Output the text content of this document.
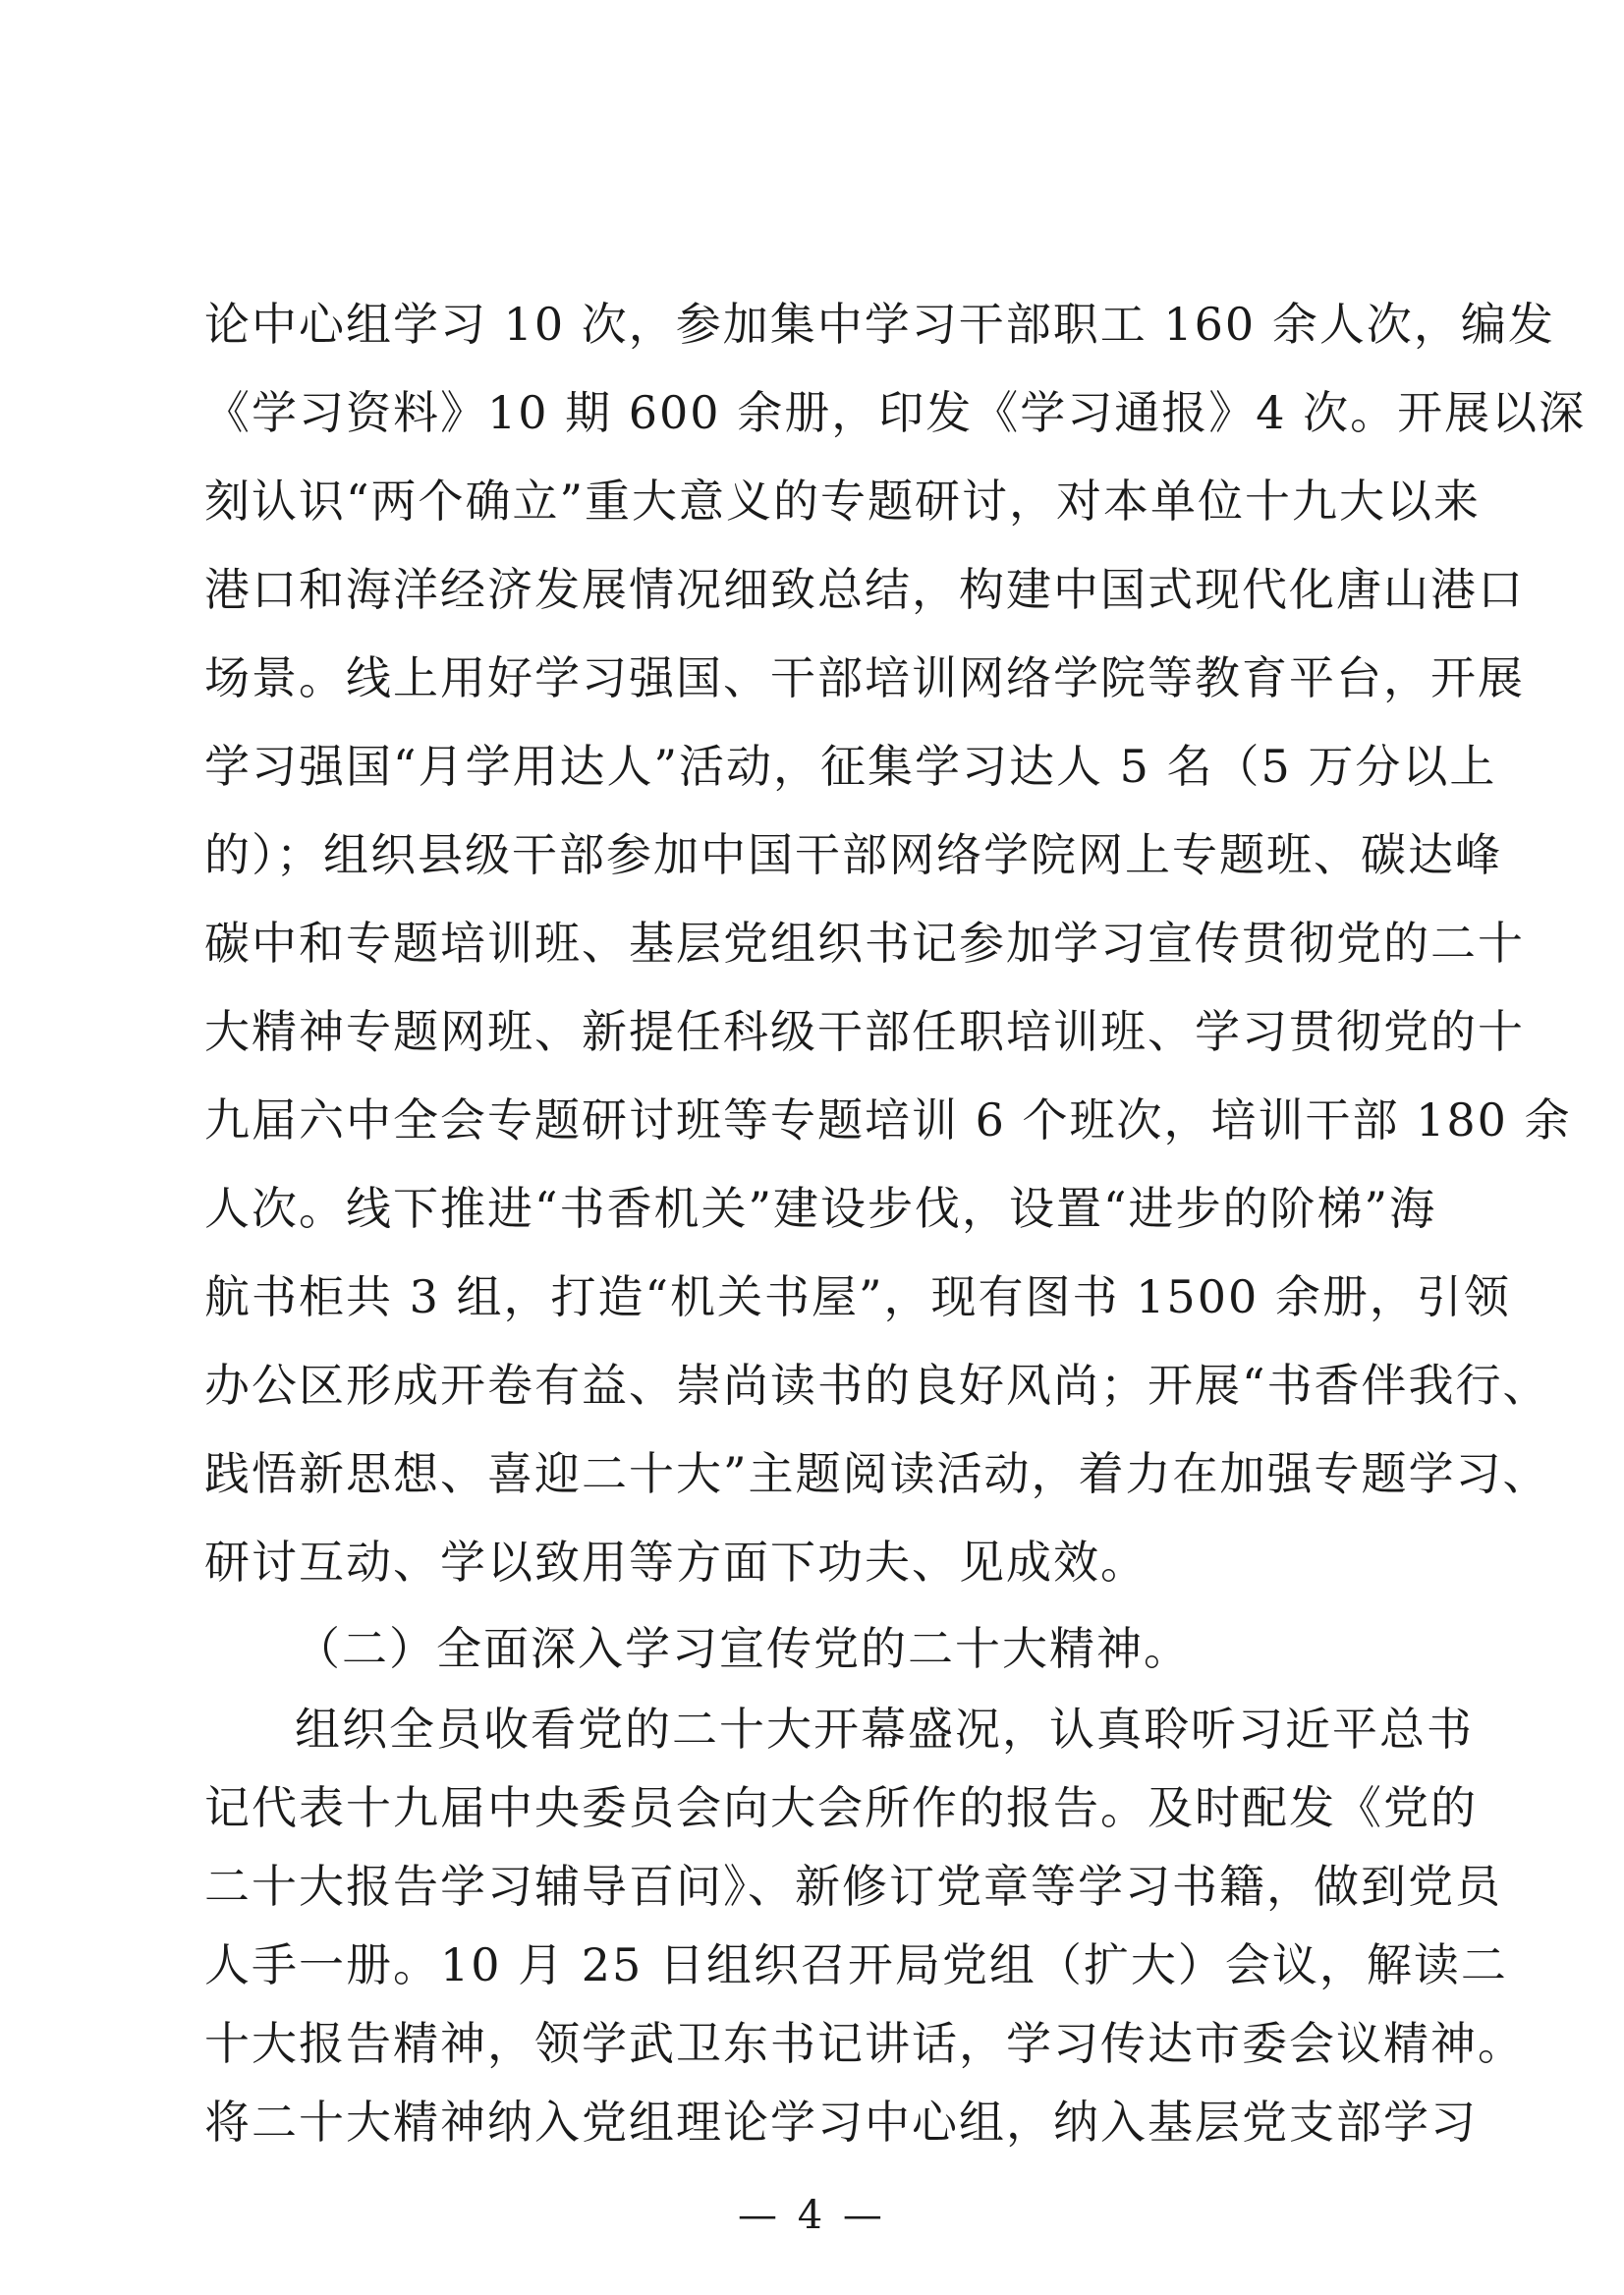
论中心组学习 10 次，参加集中学习干部职工 160 余人次，编发
《学习资料》10 期 600 余册，印发《学习通报》4 次。开展以深
刻认识“两个确立”重大意义的专题研讨，对本单位十九大以来
港口和海洋经济发展情况细致总结，构建中国式现代化唐山港口
场景。线上用好学习强国、干部培训网络学院等教育平台，开展
学习强国“月学用达人”活动，征集学习达人 5 名（5 万分以上
的）；组织县级干部参加中国干部网络学院网上专题班、碳达峰
碳中和专题培训班、基层党组织书记参加学习宣传贯彻党的二十
大精神专题网班、新提任科级干部任职培训班、学习贯彻党的十
九届六中全会专题研讨班等专题培训 6 个班次，培训干部 180 余
人次。线下推进“书香机关”建设步伐，设置“进步的阶梯”海
航书柜共 3 组，打造“机关书屋”，现有图书 1500 余册，引领
办公区形成开卷有益、崇尚读书的良好风尚；开展“书香伴我行、
践悟新思想、喜迎二十大”主题阅读活动，着力在加强专题学习、
研讨互动、学以致用等方面下功夫、见成效。
（二）全面深入学习宣传党的二十大精神。
组织全员收看党的二十大开幕盛况，认真聆听习近平总书
记代表十九届中央委员会向大会所作的报告。及时配发《党的
二十大报告学习辅导百问》、新修订党章等学习书籍，做到党员
人手一册。10 月 25 日组织召开局党组（扩大）会议，解读二
十大报告精神，领学武卫东书记讲话，学习传达市委会议精神。
— 4 —
将二十大精神纳入党组理论学习中心组，纳入基层党支部学习
